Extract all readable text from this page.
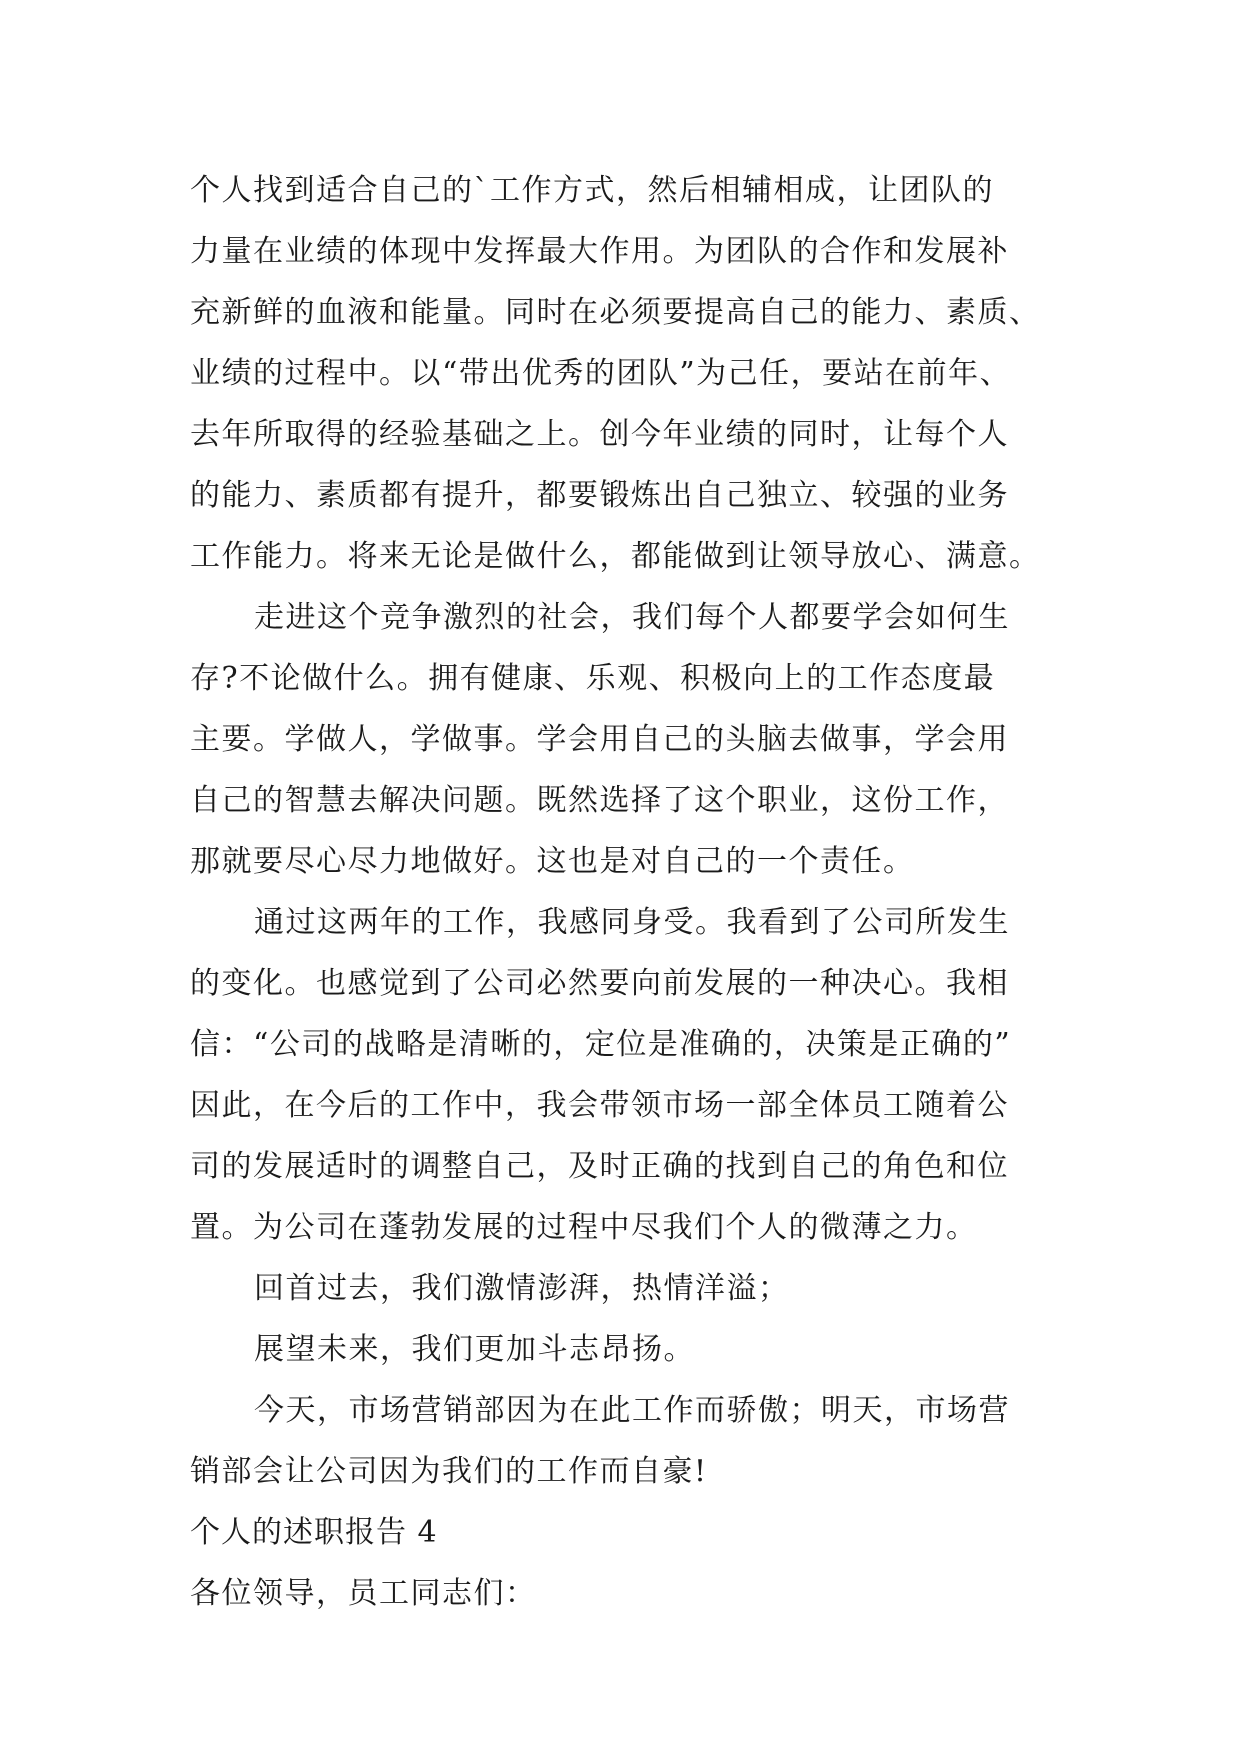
个人找到适合自己的`工作方式，然后相辅相成，让团队的
力量在业绩的体现中发挥最大作用。为团队的合作和发展补
充新鲜的血液和能量。同时在必须要提高自己的能力、素质、
业绩的过程中。以“带出优秀的团队”为己任，要站在前年、
去年所取得的经验基础之上。创今年业绩的同时，让每个人
的能力、素质都有提升，都要锻炼出自己独立、较强的业务
工作能力。将来无论是做什么，都能做到让领导放心、满意。
走进这个竞争激烈的社会，我们每个人都要学会如何生
存?不论做什么。拥有健康、乐观、积极向上的工作态度最
主要。学做人，学做事。学会用自己的头脑去做事，学会用
自己的智慧去解决问题。既然选择了这个职业，这份工作，
那就要尽心尽力地做好。这也是对自己的一个责任。
通过这两年的工作，我感同身受。我看到了公司所发生
的变化。也感觉到了公司必然要向前发展的一种决心。我相
信：“公司的战略是清晰的，定位是准确的，决策是正确的”
因此，在今后的工作中，我会带领市场一部全体员工随着公
司的发展适时的调整自己，及时正确的找到自己的角色和位
置。为公司在蓬勃发展的过程中尽我们个人的微薄之力。
回首过去，我们激情澎湃，热情洋溢；
展望未来，我们更加斗志昂扬。
今天，市场营销部因为在此工作而骄傲；明天，市场营
销部会让公司因为我们的工作而自豪!
个人的述职报告 4
各位领导，员工同志们：
